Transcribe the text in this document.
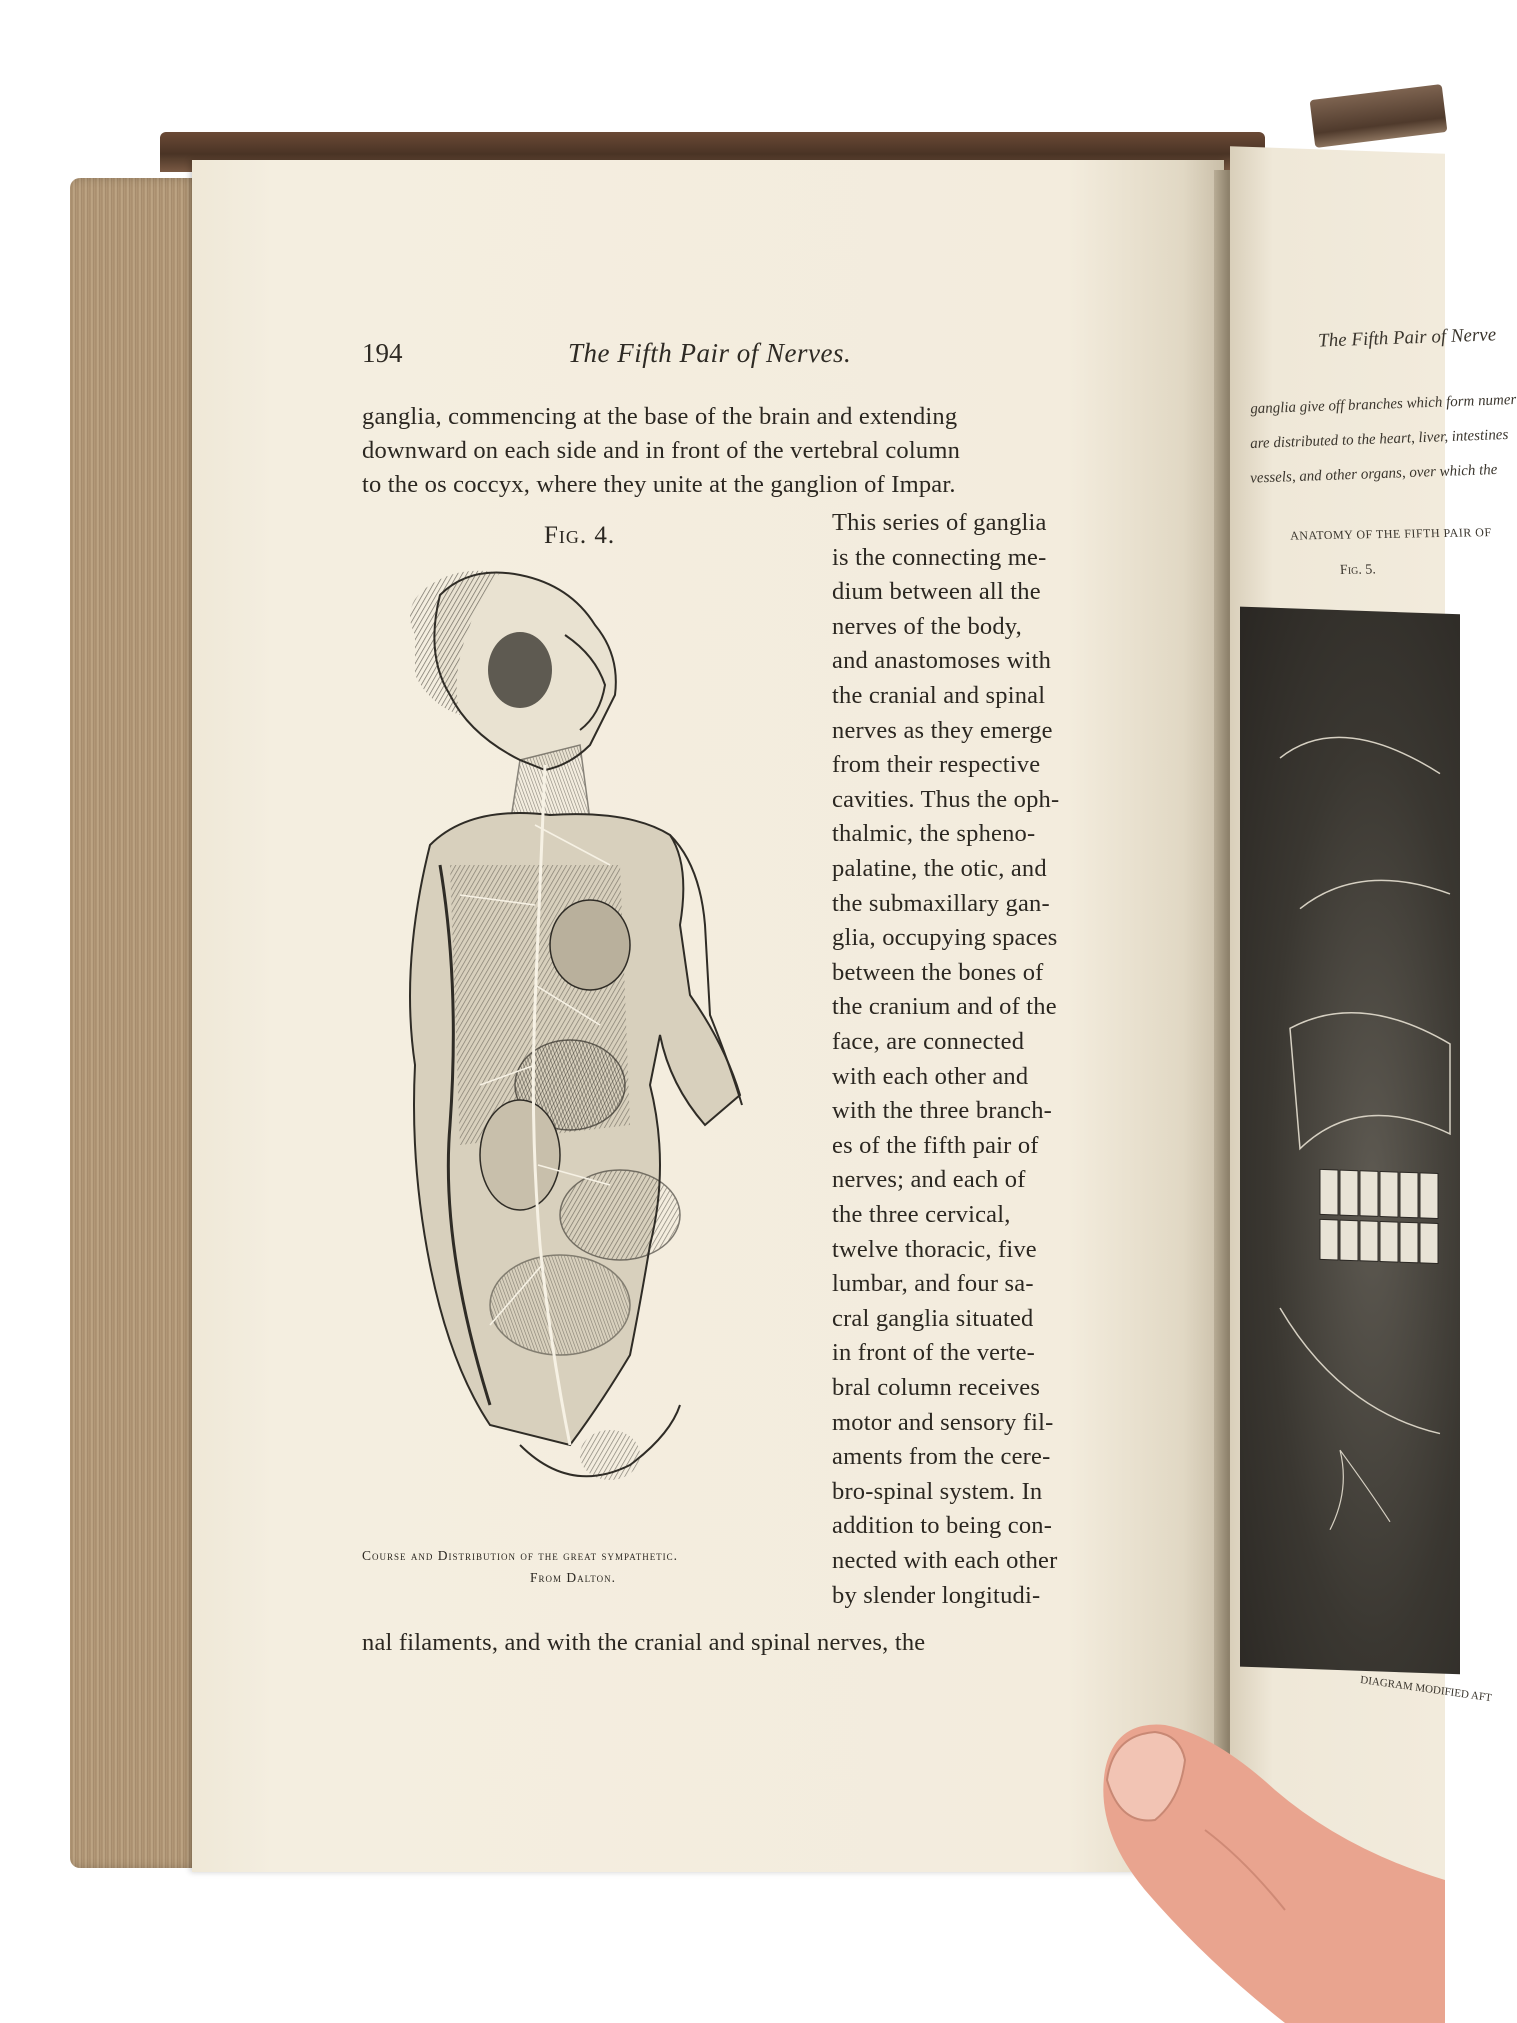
194	The Fifth Pair of Nerves.
ganglia, commencing at the base of the brain and extending
downward on each side and in front of the vertebral column
to the os coccyx, where they unite at the ganglion of Impar.
Fig. 4.	This series of ganglia
is the connecting me-
dium between all the
nerves of the body,
and anastomoses with
the cranial and spinal
nerves as they emerge
from their respective
cavities. Thus the oph-
thalmic, the spheno-
palatine, the otic, and
the submaxillary gan-
glia, occupying spaces
between the bones of
the cranium and of the
face, are connected
with each other and
with the three branch-
es of the fifth pair of
nerves; and each of
the three cervical,
twelve thoracic, five
lumbar, and four sa-
cral ganglia situated
in front of the verte-
bral column receives
motor and sensory fil-
aments from the cere-
bro-spinal system. In
addition to being con-
nected with each other
by slender longitudi-
nal filaments, and with the cranial and spinal nerves, the
Course and Distribution of the great sympathetic.
From Dalton.
The Fifth Pair of Nerve
ganglia give off branches which form numer
are distributed to the heart, liver, intestines
vessels, and other organs, over which the
ANATOMY OF THE FIFTH PAIR OF
Fig. 5.
DIAGRAM MODIFIED AFT
